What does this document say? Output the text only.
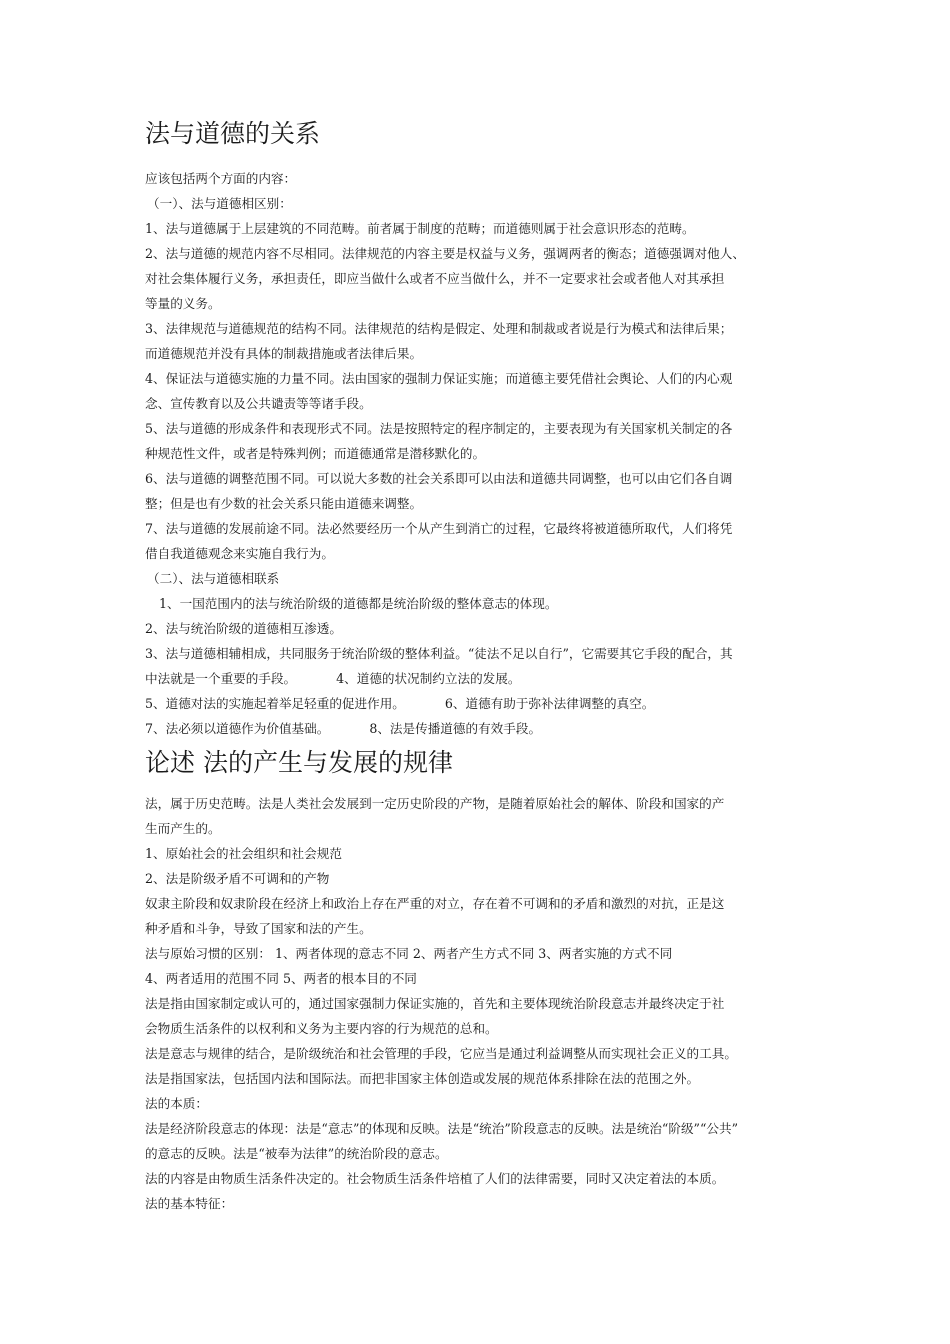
法与道德的关系

应该包括两个方面的内容：

（一）、法与道德相区别：

1、法与道德属于上层建筑的不同范畴。前者属于制度的范畴；而道德则属于社会意识形态的范畴。

2、法与道德的规范内容不尽相同。法律规范的内容主要是权益与义务，强调两者的衡态；道德强调对他人、

对社会集体履行义务，承担责任，即应当做什么或者不应当做什么，并不一定要求社会或者他人对其承担

等量的义务。

3、法律规范与道德规范的结构不同。法律规范的结构是假定、处理和制裁或者说是行为模式和法律后果；

而道德规范并没有具体的制裁措施或者法律后果。

4、保证法与道德实施的力量不同。法由国家的强制力保证实施；而道德主要凭借社会舆论、人们的内心观

念、宣传教育以及公共谴责等等诸手段。

5、法与道德的形成条件和表现形式不同。法是按照特定的程序制定的，主要表现为有关国家机关制定的各

种规范性文件，或者是特殊判例；而道德通常是潜移默化的。

6、法与道德的调整范围不同。可以说大多数的社会关系即可以由法和道德共同调整，也可以由它们各自调

整；但是也有少数的社会关系只能由道德来调整。

7、法与道德的发展前途不同。法必然要经历一个从产生到消亡的过程，它最终将被道德所取代，人们将凭

借自我道德观念来实施自我行为。

（二）、法与道德相联系

1、一国范围内的法与统治阶级的道德都是统治阶级的整体意志的体现。

2、法与统治阶级的道德相互渗透。

3、法与道德相辅相成，共同服务于统治阶级的整体利益。“徒法不足以自行”，它需要其它手段的配合，其

中法就是一个重要的手段。	4、道德的状况制约立法的发展。

5、道德对法的实施起着举足轻重的促进作用。	6、道德有助于弥补法律调整的真空。

7、法必须以道德作为价值基础。	8、法是传播道德的有效手段。

论述 法的产生与发展的规律

法，属于历史范畴。法是人类社会发展到一定历史阶段的产物，是随着原始社会的解体、阶段和国家的产

生而产生的。

1、原始社会的社会组织和社会规范

2、法是阶级矛盾不可调和的产物

奴隶主阶段和奴隶阶段在经济上和政治上存在严重的对立，存在着不可调和的矛盾和激烈的对抗，正是这

种矛盾和斗争，导致了国家和法的产生。

法与原始习惯的区别： 1、两者体现的意志不同 2、两者产生方式不同 3、两者实施的方式不同

4、两者适用的范围不同 5、两者的根本目的不同

法是指由国家制定或认可的，通过国家强制力保证实施的，首先和主要体现统治阶段意志并最终决定于社

会物质生活条件的以权利和义务为主要内容的行为规范的总和。

法是意志与规律的结合，是阶级统治和社会管理的手段，它应当是通过利益调整从而实现社会正义的工具。

法是指国家法，包括国内法和国际法。而把非国家主体创造或发展的规范体系排除在法的范围之外。

法的本质：

法是经济阶段意志的体现：法是“意志”的体现和反映。法是“统治”阶段意志的反映。法是统治“阶级”“公共”

的意志的反映。法是“被奉为法律”的统治阶段的意志。

法的内容是由物质生活条件决定的。社会物质生活条件培植了人们的法律需要，同时又决定着法的本质。

法的基本特征：
